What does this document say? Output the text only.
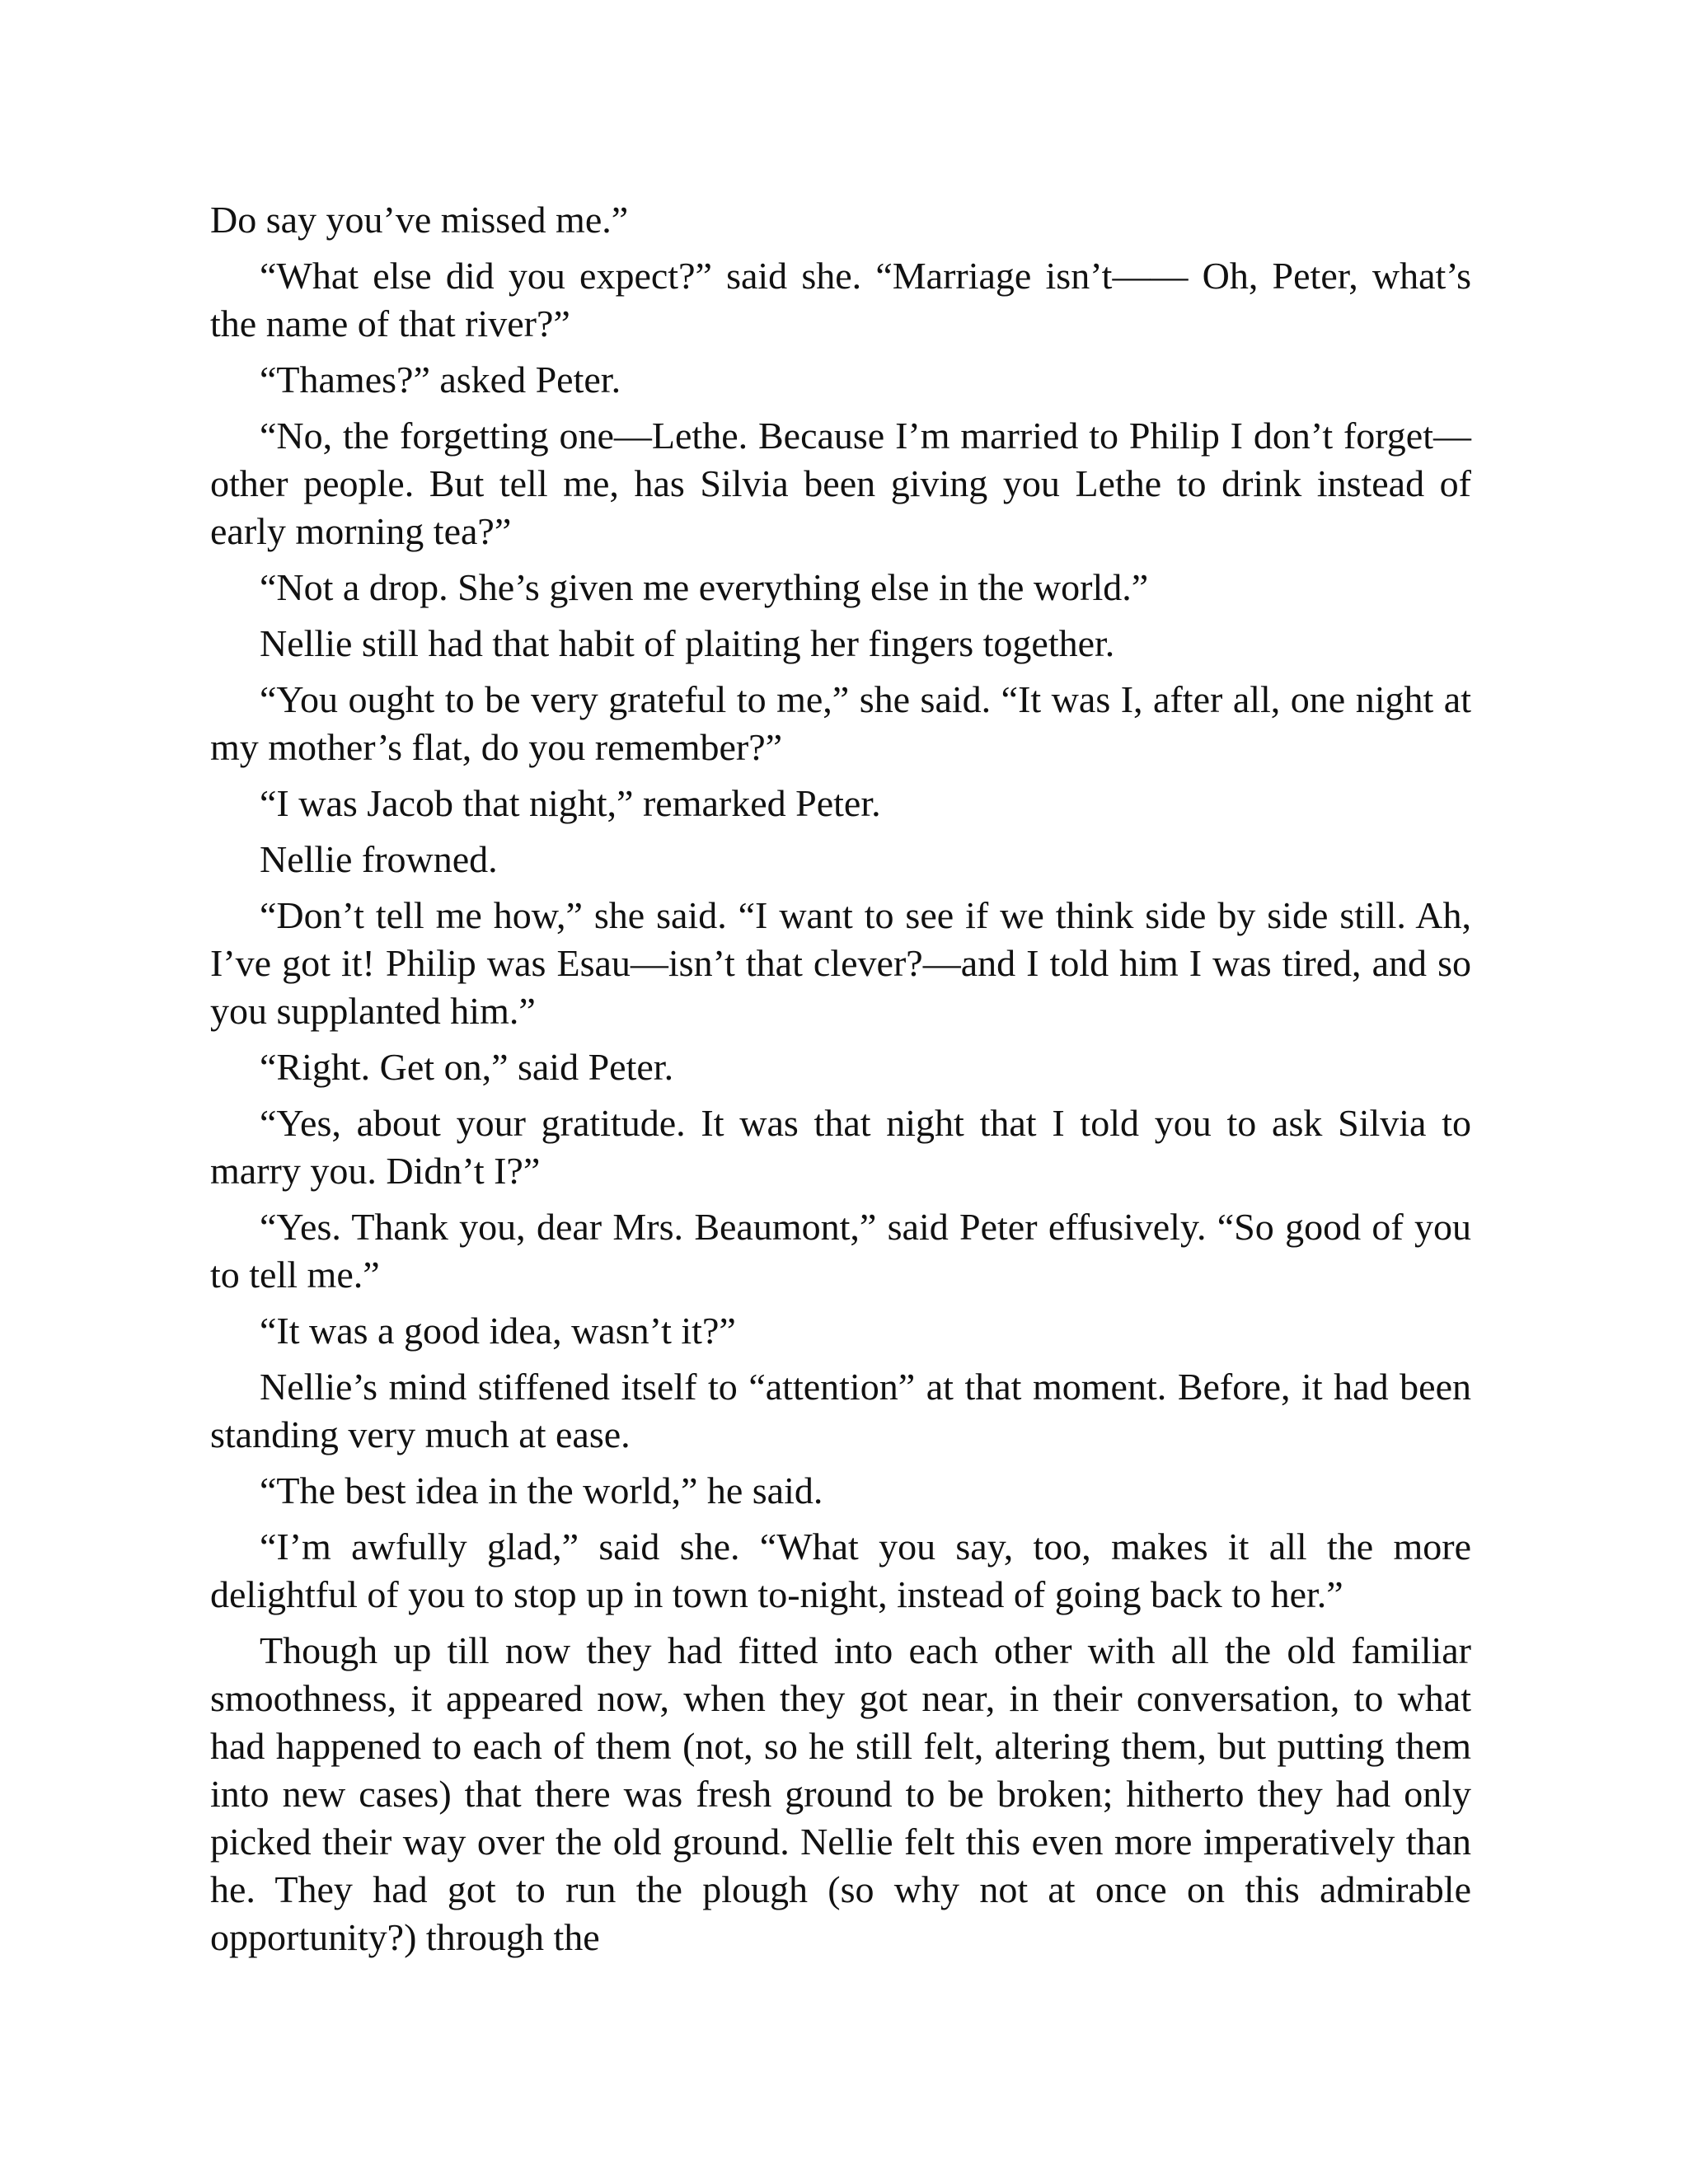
Do say you’ve missed me.”

“What else did you expect?” said she. “Marriage isn’t—— Oh, Peter, what’s the name of that river?”

“Thames?” asked Peter.

“No, the forgetting one—Lethe. Because I’m married to Philip I don’t forget—other people. But tell me, has Silvia been giving you Lethe to drink instead of early morning tea?”

“Not a drop. She’s given me everything else in the world.”

Nellie still had that habit of plaiting her fingers together.

“You ought to be very grateful to me,” she said. “It was I, after all, one night at my mother’s flat, do you remember?”

“I was Jacob that night,” remarked Peter.

Nellie frowned.

“Don’t tell me how,” she said. “I want to see if we think side by side still. Ah, I’ve got it! Philip was Esau—isn’t that clever?—and I told him I was tired, and so you supplanted him.”

“Right. Get on,” said Peter.

“Yes, about your gratitude. It was that night that I told you to ask Silvia to marry you. Didn’t I?”

“Yes. Thank you, dear Mrs. Beaumont,” said Peter effusively. “So good of you to tell me.”

“It was a good idea, wasn’t it?”

Nellie’s mind stiffened itself to “attention” at that moment. Before, it had been standing very much at ease.

“The best idea in the world,” he said.

“I’m awfully glad,” said she. “What you say, too, makes it all the more delightful of you to stop up in town to-night, instead of going back to her.”

Though up till now they had fitted into each other with all the old familiar smoothness, it appeared now, when they got near, in their conversation, to what had happened to each of them (not, so he still felt, altering them, but putting them into new cases) that there was fresh ground to be broken; hitherto they had only picked their way over the old ground. Nellie felt this even more imperatively than he. They had got to run the plough (so why not at once on this admirable opportunity?) through the
